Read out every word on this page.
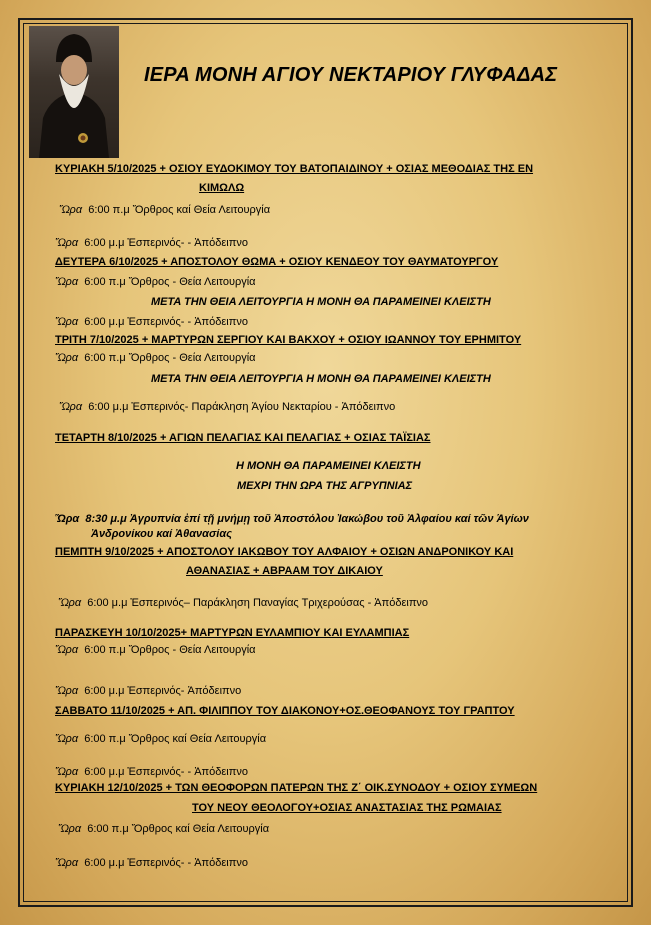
ΙΕΡΑ ΜΟΝΗ ΑΓΙΟΥ ΝΕΚΤΑΡΙΟΥ ΓΛΥΦΑΔΑΣ
ΚΥΡΙΑΚΗ 5/10/2025 + ΟΣΙΟΥ ΕΥΔΟΚΙΜΟΥ ΤΟΥ ΒΑΤΟΠΑΙΔΙΝΟΥ + ΟΣΙΑΣ ΜΕΘΟΔΙΑΣ ΤΗΣ ΕΝ
ΚΙΜΩΛΩ
Ὥρα 6:00 π.μ Ὄρθρος καί Θεία Λειτουργία
Ὥρα 6:00 μ.μ Ἑσπερινός- - Ἀπόδειπνο
ΔΕΥΤΕΡΑ 6/10/2025 + ΑΠΟΣΤΟΛΟΥ ΘΩΜΑ + ΟΣΙΟΥ ΚΕΝΔΕΟΥ ΤΟΥ ΘΑΥΜΑΤΟΥΡΓΟΥ
Ὥρα 6:00 π.μ Ὄρθρος - Θεία Λειτουργία
ΜΕΤΑ ΤΗΝ ΘΕΙΑ ΛΕΙΤΟΥΡΓΙΑ Η ΜΟΝΗ ΘΑ ΠΑΡΑΜΕΙΝΕΙ ΚΛΕΙΣΤΗ
Ὥρα 6:00 μ.μ Ἑσπερινός- - Ἀπόδειπνο
ΤΡΙΤΗ 7/10/2025 + ΜΑΡΤΥΡΩΝ ΣΕΡΓΙΟΥ ΚΑΙ ΒΑΚΧΟΥ + ΟΣΙΟΥ ΙΩΑΝΝΟΥ ΤΟΥ ΕΡΗΜΙΤΟΥ
Ὥρα 6:00 π.μ Ὄρθρος - Θεία Λειτουργία
ΜΕΤΑ ΤΗΝ ΘΕΙΑ ΛΕΙΤΟΥΡΓΙΑ Η ΜΟΝΗ ΘΑ ΠΑΡΑΜΕΙΝΕΙ ΚΛΕΙΣΤΗ
Ὥρα 6:00 μ.μ Ἑσπερινός- Παράκληση Ἁγίου Νεκταρίου - Ἀπόδειπνο
ΤΕΤΑΡΤΗ 8/10/2025 + ΑΓΙΩΝ ΠΕΛΑΓΙΑΣ ΚΑΙ ΠΕΛΑΓΙΑΣ + ΟΣΙΑΣ ΤΑΪΣΙΑΣ
Η ΜΟΝΗ ΘΑ ΠΑΡΑΜΕΙΝΕΙ ΚΛΕΙΣΤΗ
ΜΕΧΡΙ ΤΗΝ ΩΡΑ ΤΗΣ ΑΓΡΥΠΝΙΑΣ
Ὥρα 8:30 μ.μ Ἀγρυπνία ἐπί τῇ μνήμῃ τοῦ Ἀποστόλου Ἰακώβου τοῦ Ἀλφαίου καί τῶν Ἁγίων
Ἀνδρονίκου καί Ἀθανασίας
ΠΕΜΠΤΗ 9/10/2025 + ΑΠΟΣΤΟΛΟΥ ΙΑΚΩΒΟΥ ΤΟΥ ΑΛΦΑΙΟΥ + ΟΣΙΩΝ ΑΝΔΡΟΝΙΚΟΥ ΚΑΙ
ΑΘΑΝΑΣΙΑΣ + ΑΒΡΑΑΜ ΤΟΥ ΔΙΚΑΙΟΥ
Ὥρα 6:00 μ.μ Ἑσπερινός– Παράκληση Παναγίας Τριχερούσας - Ἀπόδειπνο
ΠΑΡΑΣΚΕΥΗ 10/10/2025+ ΜΑΡΤΥΡΩΝ ΕΥΛΑΜΠΙΟΥ ΚΑΙ ΕΥΛΑΜΠΙΑΣ
Ὥρα 6:00 π.μ Ὄρθρος - Θεία Λειτουργία
Ὥρα 6:00 μ.μ Ἑσπερινός- Ἀπόδειπνο
ΣΑΒΒΑΤΟ 11/10/2025 + ΑΠ. ΦΙΛΙΠΠΟΥ ΤΟΥ ΔΙΑΚΟΝΟΥ+ΟΣ.ΘΕΟΦΑΝΟΥΣ ΤΟΥ ΓΡΑΠΤΟΥ
Ὥρα 6:00 π.μ Ὄρθρος καί Θεία Λειτουργία
Ὥρα 6:00 μ.μ Ἑσπερινός- - Ἀπόδειπνο
ΚΥΡΙΑΚΗ 12/10/2025 + ΤΩΝ ΘΕΟΦΟΡΩΝ ΠΑΤΕΡΩΝ ΤΗΣ Ζ΄ ΟΙΚ.ΣΥΝΟΔΟΥ + ΟΣΙΟΥ ΣΥΜΕΩΝ
ΤΟΥ ΝΕΟΥ ΘΕΟΛΟΓΟΥ+ΟΣΙΑΣ ΑΝΑΣΤΑΣΙΑΣ ΤΗΣ ΡΩΜΑΙΑΣ
Ὥρα 6:00 π.μ Ὄρθρος καί Θεία Λειτουργία
Ὥρα 6:00 μ.μ Ἑσπερινός- - Ἀπόδειπνο
